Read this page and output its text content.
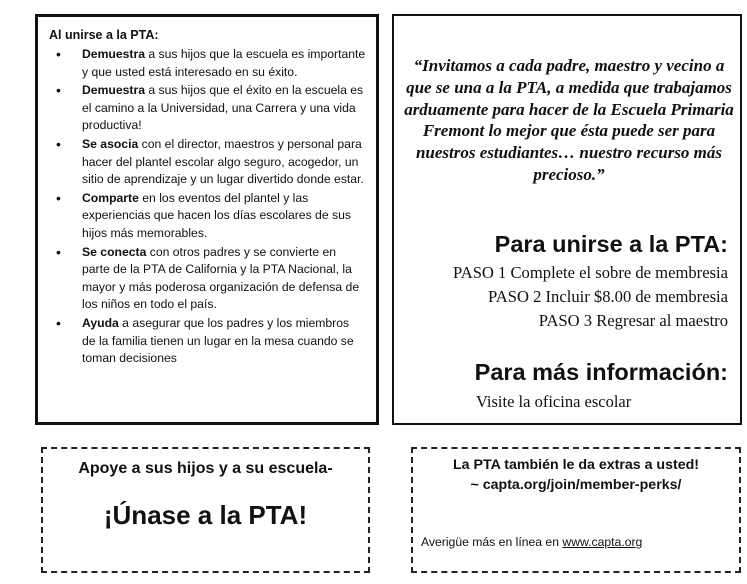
Al unirse a la PTA:
• Demuestra a sus hijos que la escuela es importante y que usted está interesado en su éxito.
• Demuestra a sus hijos que el éxito en la escuela es el camino a la Universidad, una Carrera y una vida productiva!
• Se asocia con el director, maestros y personal para hacer del plantel escolar algo seguro, acogedor, un sitio de aprendizaje y un lugar divertido donde estar.
• Comparte en los eventos del plantel y las experiencias que hacen los días escolares de sus hijos más memorables.
• Se conecta con otros padres y se convierte en parte de la PTA de California y la PTA Nacional, la mayor y más poderosa organización de defensa de los niños en todo el país.
• Ayuda a asegurar que los padres y los miembros de la familia tienen un lugar en la mesa cuando se toman decisiones
“Invitamos a cada padre, maestro y vecino a que se una a la PTA, a medida que trabajamos arduamente para hacer de la Escuela Primaria Fremont lo mejor que ésta puede ser para nuestros estudiantes… nuestro recurso más precioso.”
Para unirse a la PTA:
PASO 1 Complete el sobre de membresia
PASO 2 Incluir $8.00 de membresia
PASO 3 Regresar al maestro
Para más información:
Visite la oficina escolar
Apoye a sus hijos y a su escuela-
¡Únase a la PTA!
La PTA también le da extras a usted!
~ capta.org/join/member-perks/
Averigüe más en línea en www.capta.org
